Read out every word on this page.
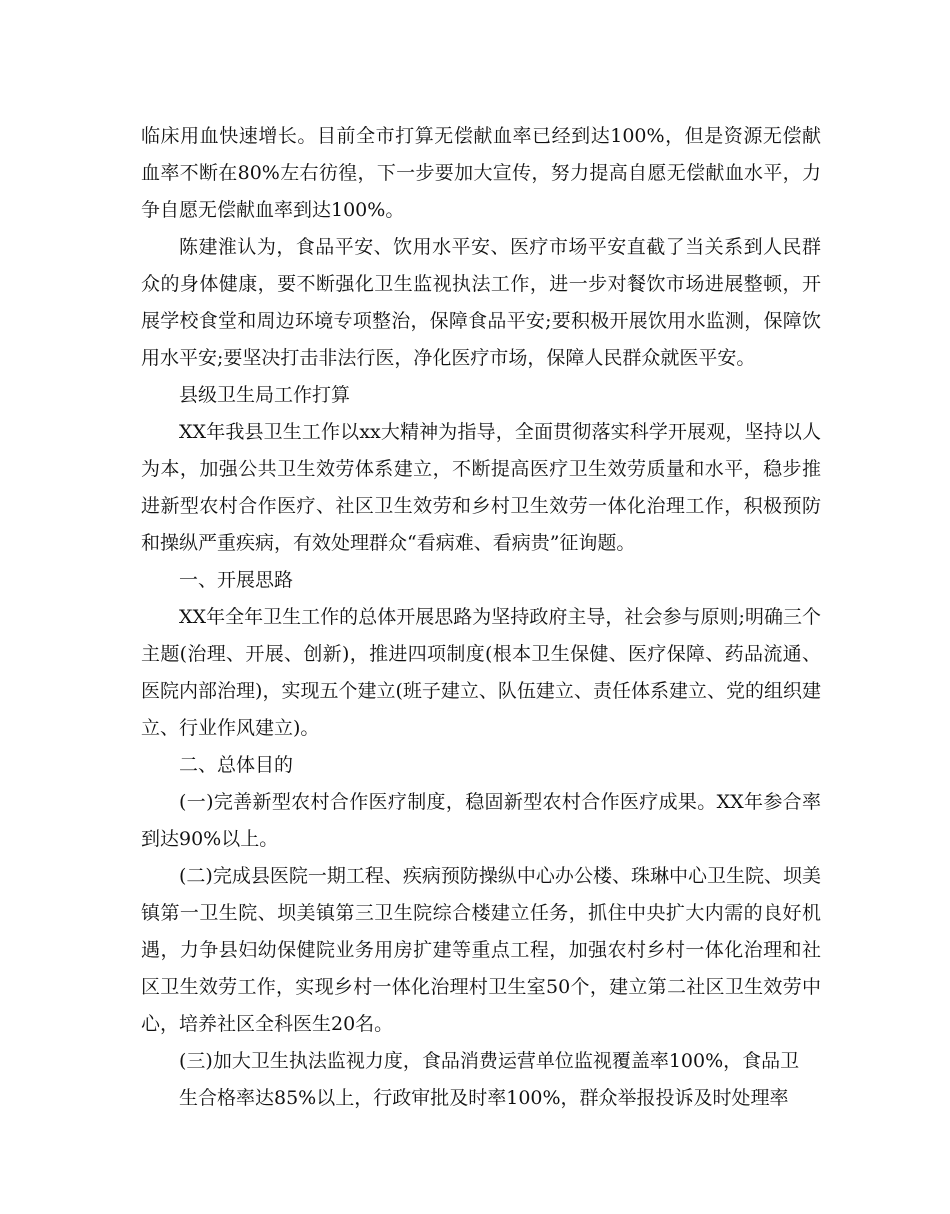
临床用血快速增长。目前全市打算无偿献血率已经到达100%，但是资源无偿献血率不断在80%左右彷徨，下一步要加大宣传，努力提高自愿无偿献血水平，力争自愿无偿献血率到达100%。

陈建淮认为，食品平安、饮用水平安、医疗市场平安直截了当关系到人民群众的身体健康，要不断强化卫生监视执法工作，进一步对餐饮市场进展整顿，开展学校食堂和周边环境专项整治，保障食品平安;要积极开展饮用水监测，保障饮用水平安;要坚决打击非法行医，净化医疗市场，保障人民群众就医平安。

县级卫生局工作打算

XX年我县卫生工作以xx大精神为指导，全面贯彻落实科学开展观，坚持以人为本，加强公共卫生效劳体系建立，不断提高医疗卫生效劳质量和水平，稳步推进新型农村合作医疗、社区卫生效劳和乡村卫生效劳一体化治理工作，积极预防和操纵严重疾病，有效处理群众“看病难、看病贵”征询题。

一、开展思路

XX年全年卫生工作的总体开展思路为坚持政府主导，社会参与原则;明确三个主题(治理、开展、创新)，推进四项制度(根本卫生保健、医疗保障、药品流通、医院内部治理)，实现五个建立(班子建立、队伍建立、责任体系建立、党的组织建立、行业作风建立)。

二、总体目的

(一)完善新型农村合作医疗制度，稳固新型农村合作医疗成果。XX年参合率到达90%以上。

(二)完成县医院一期工程、疾病预防操纵中心办公楼、珠琳中心卫生院、坝美镇第一卫生院、坝美镇第三卫生院综合楼建立任务，抓住中央扩大内需的良好机遇，力争县妇幼保健院业务用房扩建等重点工程，加强农村乡村一体化治理和社区卫生效劳工作，实现乡村一体化治理村卫生室50个，建立第二社区卫生效劳中心，培养社区全科医生20名。

(三)加大卫生执法监视力度，食品消费运营单位监视覆盖率100%，食品卫

生合格率达85%以上，行政审批及时率100%，群众举报投诉及时处理率
